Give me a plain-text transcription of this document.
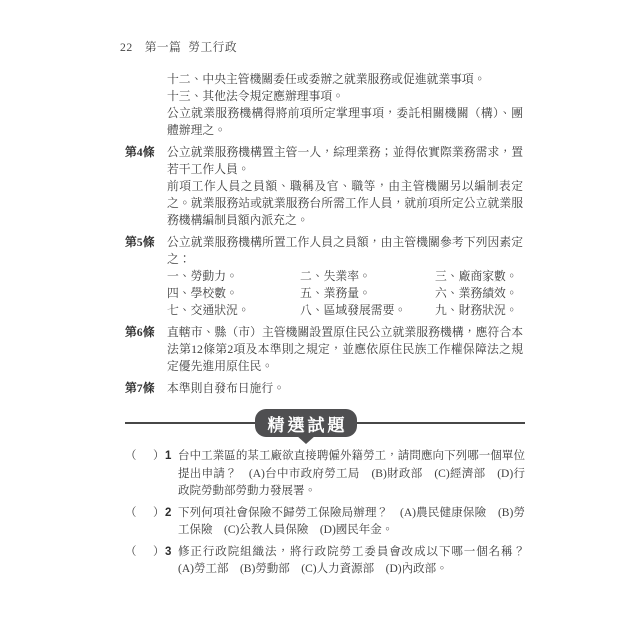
22 第一篇 勞工行政
十二、中央主管機關委任或委辦之就業服務或促進就業事項。
十三、其他法令規定應辦理事項。
公立就業服務機構得將前項所定掌理事項，委託相關機關（構）、團體辦理之。
第4條	公立就業服務機構置主管一人，綜理業務；並得依實際業務需求，置若干工作人員。
前項工作人員之員額、職稱及官、職等，由主管機關另以編制表定之。就業服務站或就業服務台所需工作人員，就前項所定公立就業服務機構編制員額內派充之。
第5條	公立就業服務機構所置工作人員之員額，由主管機關參考下列因素定之：
一、勞動力。	二、失業率。	三、廠商家數。
四、學校數。	五、業務量。	六、業務績效。
七、交通狀況。	八、區域發展需要。	九、財務狀況。
第6條	直轄市、縣（市）主管機關設置原住民公立就業服務機構，應符合本法第12條第2項及本準則之規定，並應依原住民族工作權保障法之規定優先進用原住民。
第7條	本準則自發布日施行。
精選試題
（	） 1 台中工業區的某工廠欲直接聘僱外籍勞工，請問應向下列哪一個單位提出申請？　(A)台中市政府勞工局　(B)財政部　(C)經濟部　(D)行政院勞動部勞動力發展署。
（	） 2 下列何項社會保險不歸勞工保險局辦理？　(A)農民健康保險　(B)勞工保險　(C)公教人員保險　(D)國民年金。
（	） 3 修正行政院組織法，將行政院勞工委員會改成以下哪一個名稱？　(A)勞工部　(B)勞動部　(C)人力資源部　(D)內政部。
